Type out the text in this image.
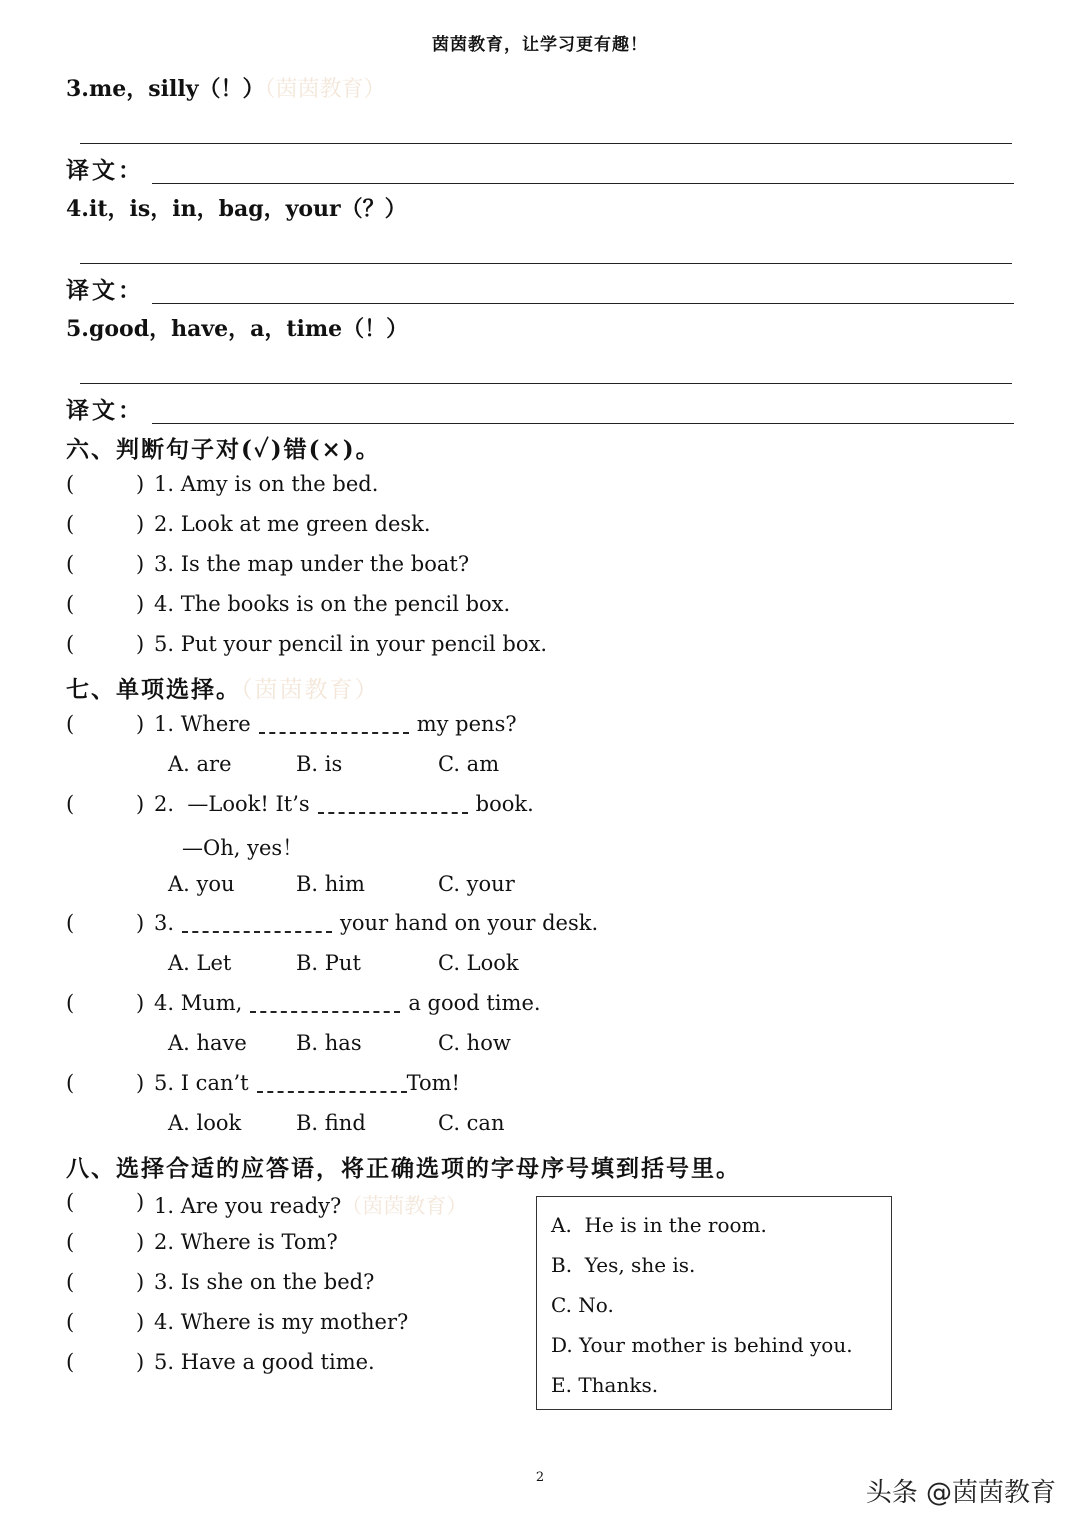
茵茵教育，让学习更有趣！
3.me，silly（！）（茵茵教育）
译文：
4.it，is，in，bag，your（？）
译文：
5.good，have，a，time（！）
译文：
六、判断句子对(✓)错(×)。
(	) 1. Amy is on the bed.
(	) 2. Look at me green desk.
(	) 3. Is the map under the boat?
(	) 4. The books is on the pencil box.
(	) 5. Put your pencil in your pencil box.
七、单项选择。（茵茵教育）
(	) 1. Where	my pens?
A. are	B. is	C. am
(	) 2.  —Look! It’s	book.
—Oh, yes！
A. you	B. him	C. your
(	) 3.	your hand on your desk.
A. Let	B. Put	C. Look
(	) 4. Mum,	a good time.
A. have B. has	C. how
(	) 5. I can’t	Tom!
A. look	B. find	C. can
八、选择合适的应答语，将正确选项的字母序号填到括号里。
(	) 1. Are you ready?（茵茵教育）
(	) 2. Where is Tom?
(	) 3. Is she on the bed?
(	) 4. Where is my mother?
(	) 5. Have a good time.
A.  He is in the room.
B.  Yes, she is.
C. No.
D. Your mother is behind you.
E. Thanks.
2
头条 @茵茵教育
